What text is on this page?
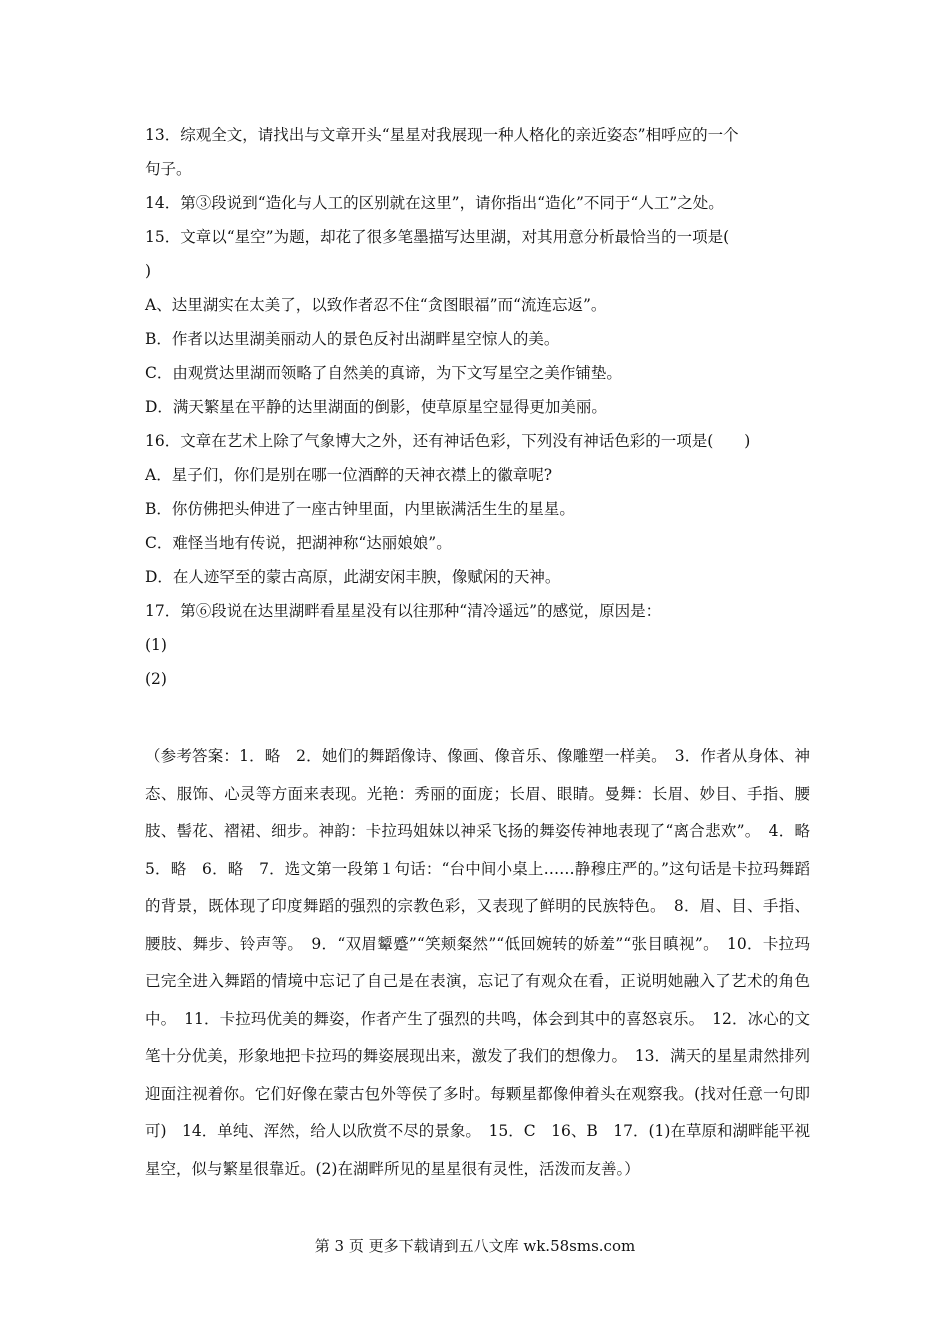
13．综观全文，请找出与文章开头“星星对我展现一种人格化的亲近姿态”相呼应的一个
句子。
14．第③段说到“造化与人工的区别就在这里”，请你指出“造化”不同于“人工”之处。
15．文章以“星空”为题，却花了很多笔墨描写达里湖，对其用意分析最恰当的一项是(
)
A、达里湖实在太美了，以致作者忍不住“贪图眼福”而“流连忘返”。
B．作者以达里湖美丽动人的景色反衬出湖畔星空惊人的美。
C．由观赏达里湖而领略了自然美的真谛，为下文写星空之美作铺垫。
D．满天繁星在平静的达里湖面的倒影，使草原星空显得更加美丽。
16．文章在艺术上除了气象博大之外，还有神话色彩，下列没有神话色彩的一项是(　　)
A．星子们，你们是别在哪一位酒醉的天神衣襟上的徽章呢?
B．你仿佛把头伸进了一座古钟里面，内里嵌满活生生的星星。
C．难怪当地有传说，把湖神称“达丽娘娘”。
D．在人迹罕至的蒙古高原，此湖安闲丰腴，像赋闲的天神。
17．第⑥段说在达里湖畔看星星没有以往那种“清冷遥远”的感觉，原因是：
(1)
(2)
（参考答案：1．略　2．她们的舞蹈像诗、像画、像音乐、像雕塑一样美。　3．作者从身体、神态、服饰、心灵等方面来表现。光艳：秀丽的面庞；长眉、眼睛。曼舞：长眉、妙目、手指、腰肢、髻花、褶裙、细步。神韵：卡拉玛姐妹以神采飞扬的舞姿传神地表现了“离合悲欢”。　4．略　5．略　6．略　7．选文第一段第１句话：“台中间小桌上……静穆庄严的。”这句话是卡拉玛舞蹈的背景，既体现了印度舞蹈的强烈的宗教色彩，又表现了鲜明的民族特色。　8．眉、目、手指、腰肢、舞步、铃声等。　9．“双眉颦蹙”“笑颊粲然”“低回婉转的娇羞”“张目瞋视”。　10．卡拉玛已完全进入舞蹈的情境中忘记了自己是在表演，忘记了有观众在看，正说明她融入了艺术的角色中。　11．卡拉玛优美的舞姿，作者产生了强烈的共鸣，体会到其中的喜怒哀乐。　12．冰心的文笔十分优美，形象地把卡拉玛的舞姿展现出来，激发了我们的想像力。　13．满天的星星肃然排列迎面注视着你。它们好像在蒙古包外等侯了多时。每颗星都像伸着头在观察我。(找对任意一句即可)　14．单纯、浑然，给人以欣赏不尽的景象。　15．C　16、B　17．(1)在草原和湖畔能平视星空，似与繁星很靠近。(2)在湖畔所见的星星很有灵性，活泼而友善。）
第 3 页 更多下载请到五八文库 wk.58sms.com
